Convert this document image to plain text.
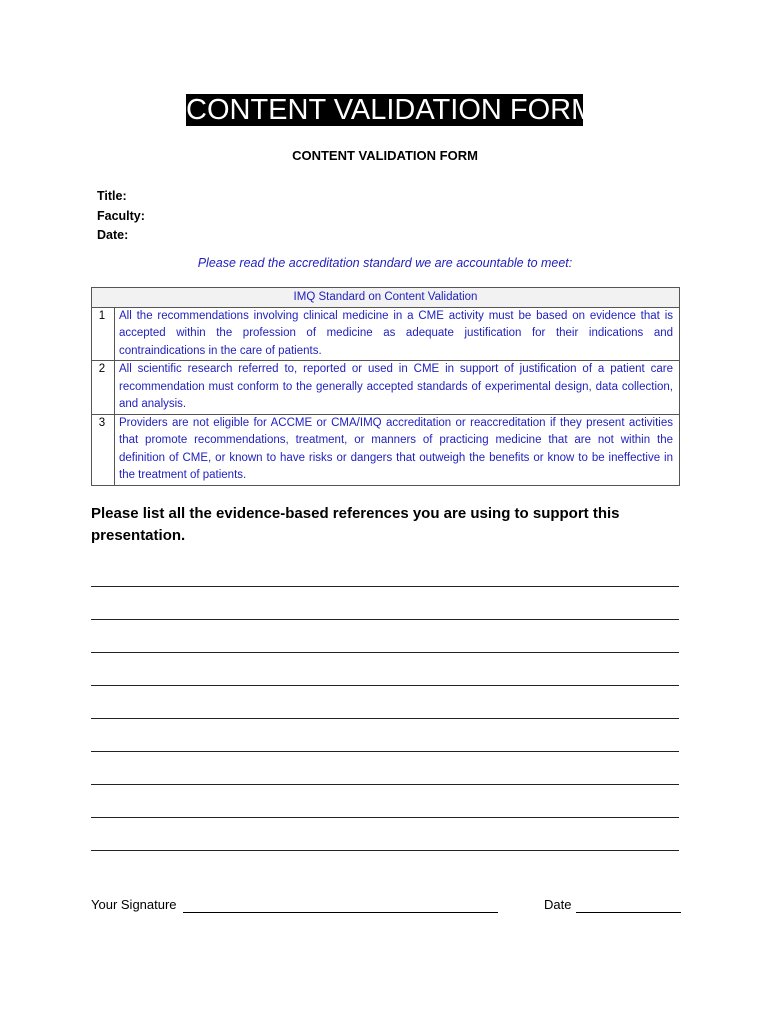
CONTENT VALIDATION FORM
CONTENT VALIDATION FORM
Title:
Faculty:
Date:
Please read the accreditation standard we are accountable to meet:
IMQ Standard on Content Validation	
1	All the recommendations involving clinical medicine in a CME activity must be based on evidence that is accepted within the profession of medicine as adequate justification for their indications and contraindications in the care of patients.
2	All scientific research referred to, reported or used in CME in support of justification of a patient care recommendation must conform to the generally accepted standards of experimental design, data collection, and analysis.
3	Providers are not eligible for ACCME or CMA/IMQ accreditation or reaccreditation if they present activities that promote recommendations, treatment, or manners of practicing medicine that are not within the definition of CME, or known to have risks or dangers that outweigh the benefits or know to be ineffective in the treatment of patients.
Please list all the evidence-based references you are using to support this presentation.
Your Signature	Date
